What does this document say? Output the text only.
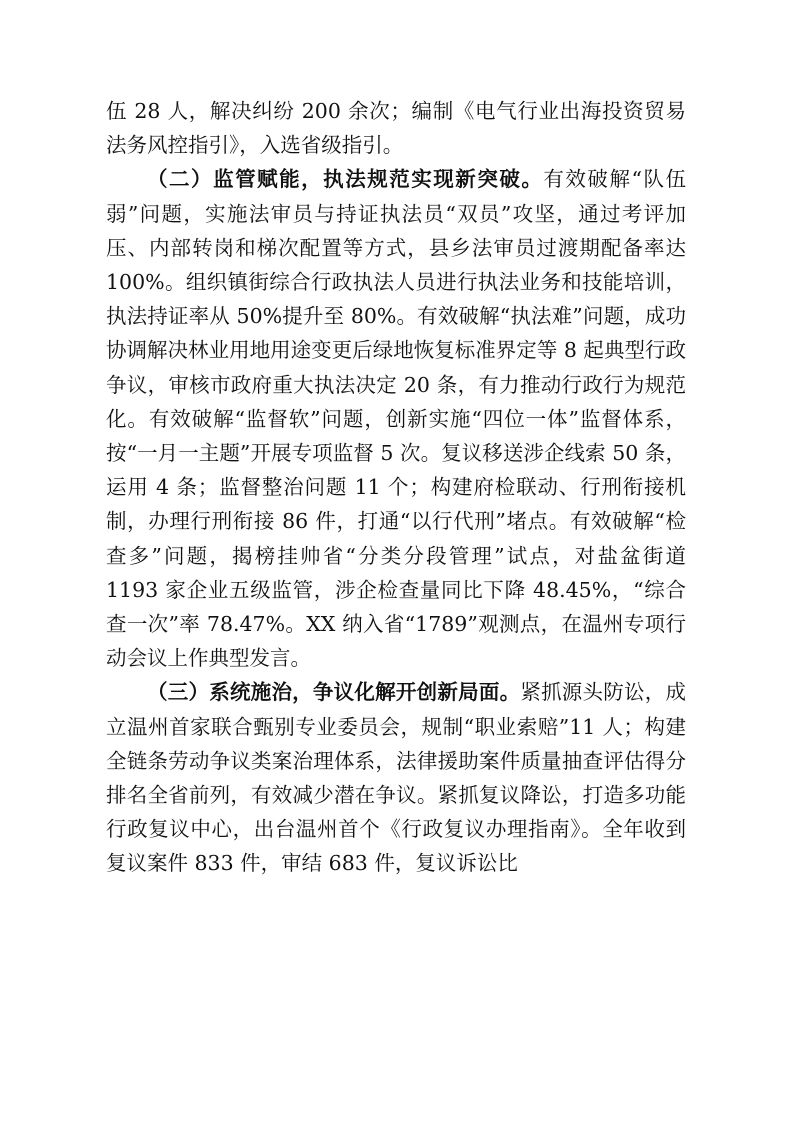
伍 28 人，解决纠纷 200 余次；编制《电气行业出海投资贸易法务风控指引》，入选省级指引。

（二）监管赋能，执法规范实现新突破。有效破解“队伍弱”问题，实施法审员与持证执法员“双员”攻坚，通过考评加压、内部转岗和梯次配置等方式，县乡法审员过渡期配备率达 100%。组织镇街综合行政执法人员进行执法业务和技能培训，执法持证率从 50%提升至 80%。有效破解“执法难”问题，成功协调解决林业用地用途变更后绿地恢复标准界定等 8 起典型行政争议，审核市政府重大执法决定 20 条，有力推动行政行为规范化。有效破解“监督软”问题，创新实施“四位一体”监督体系，按“一月一主题”开展专项监督 5 次。复议移送涉企线索 50 条，运用 4 条；监督整治问题 11 个；构建府检联动、行刑衔接机制，办理行刑衔接 86 件，打通“以行代刑”堵点。有效破解“检查多”问题，揭榜挂帅省“分类分段管理”试点，对盐盆街道 1193 家企业五级监管，涉企检查量同比下降 48.45%，“综合查一次”率 78.47%。XX 纳入省“1789”观测点，在温州专项行动会议上作典型发言。

（三）系统施治，争议化解开创新局面。紧抓源头防讼，成立温州首家联合甄别专业委员会，规制“职业索赔”11 人；构建全链条劳动争议类案治理体系，法律援助案件质量抽查评估得分排名全省前列，有效减少潜在争议。紧抓复议降讼，打造多功能行政复议中心，出台温州首个《行政复议办理指南》。全年收到复议案件 833 件，审结 683 件，复议诉讼比
